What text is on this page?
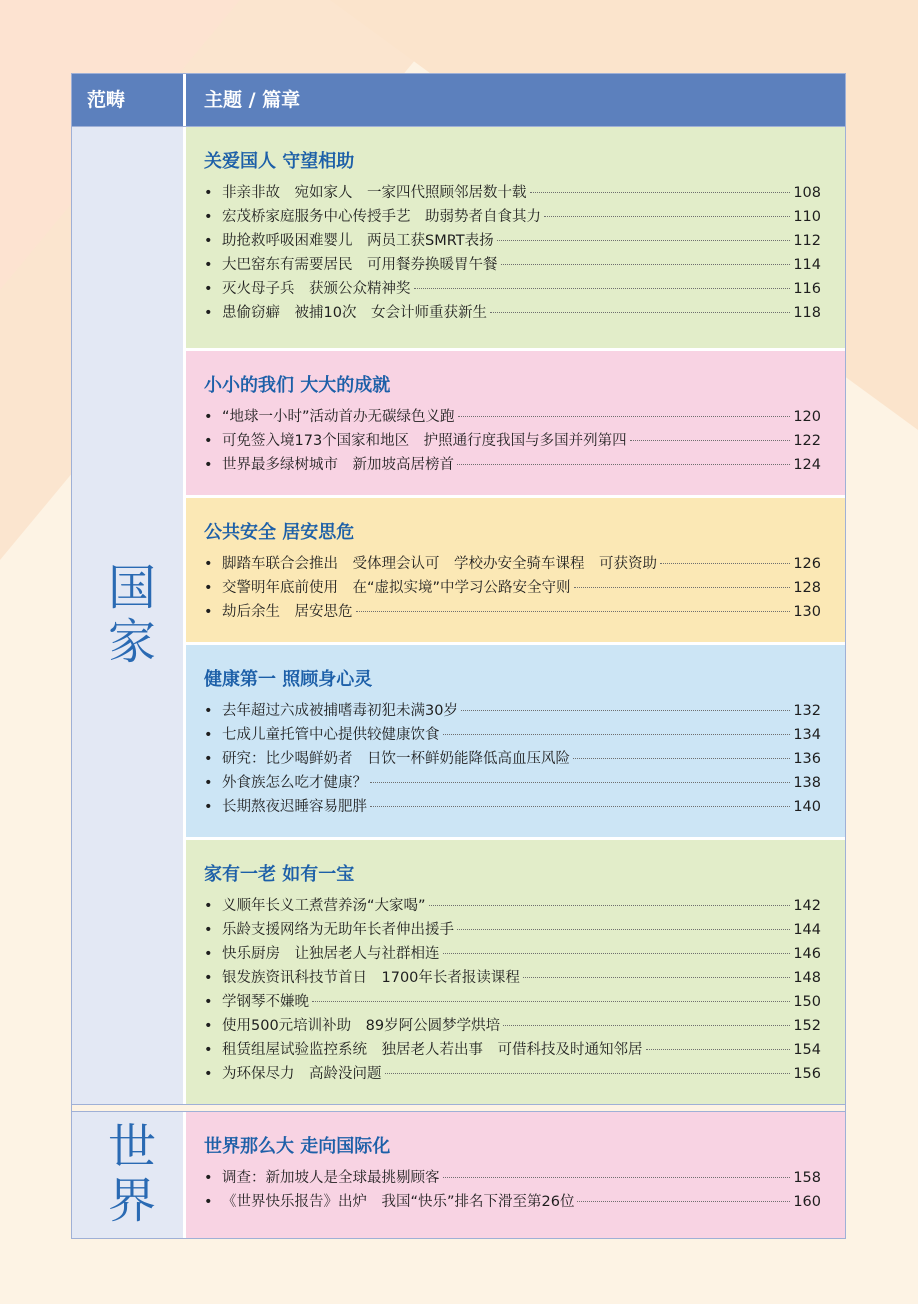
范畴	主题 / 篇章
国家
关爱国人 守望相助
• 非亲非故　宛如家人　一家四代照顾邻居数十载	108
• 宏茂桥家庭服务中心传授手艺　助弱势者自食其力	110
• 助抢救呼吸困难婴儿　两员工获SMRT表扬	112
• 大巴窑东有需要居民　可用餐券换暖胃午餐	114
• 灭火母子兵　获颁公众精神奖	116
• 患偷窃癖　被捕10次　女会计师重获新生	118
小小的我们 大大的成就
• “地球一小时”活动首办无碳绿色义跑	120
• 可免签入境173个国家和地区　护照通行度我国与多国并列第四	122
• 世界最多绿树城市　新加坡高居榜首	124
公共安全 居安思危
• 脚踏车联合会推出　受体理会认可　学校办安全骑车课程　可获资助	126
• 交警明年底前使用　在“虚拟实境”中学习公路安全守则	128
• 劫后余生　居安思危	130
健康第一 照顾身心灵
• 去年超过六成被捕嗜毒初犯未满30岁	132
• 七成儿童托管中心提供较健康饮食	134
• 研究：比少喝鲜奶者　日饮一杯鲜奶能降低高血压风险	136
• 外食族怎么吃才健康？	138
• 长期熬夜迟睡容易肥胖	140
家有一老 如有一宝
• 义顺年长义工煮营养汤“大家喝”	142
• 乐龄支援网络为无助年长者伸出援手	144
• 快乐厨房　让独居老人与社群相连	146
• 银发族资讯科技节首日　1700年长者报读课程	148
• 学钢琴不嫌晚	150
• 使用500元培训补助　89岁阿公圆梦学烘培	152
• 租赁组屋试验监控系统　独居老人若出事　可借科技及时通知邻居	154
• 为环保尽力　高龄没问题	156
世界	世界那么大 走向国际化
• 调查：新加坡人是全球最挑剔顾客	158
• 《世界快乐报告》出炉　我国“快乐”排名下滑至第26位	160
